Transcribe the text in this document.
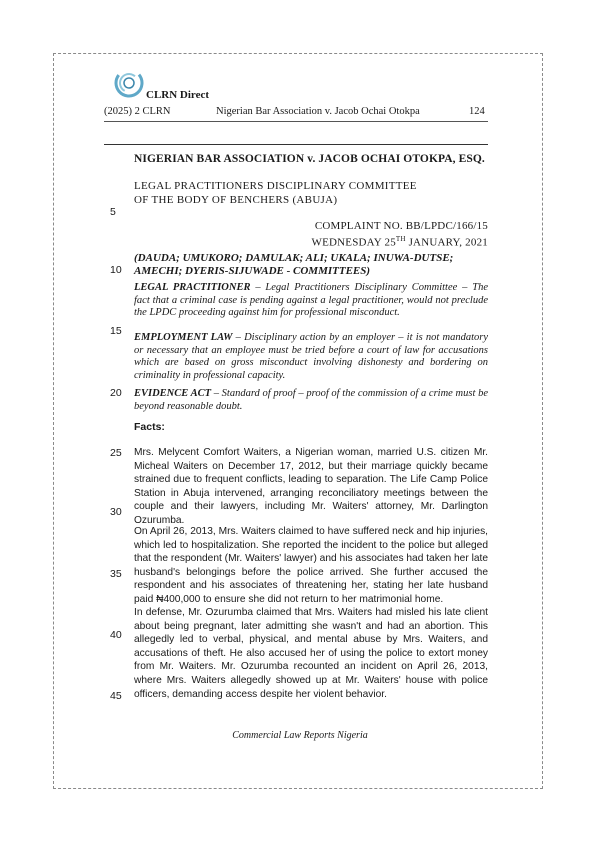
CLRN Direct
(2025) 2 CLRN	Nigerian Bar Association v. Jacob Ochai Otokpa	124
NIGERIAN BAR ASSOCIATION v. JACOB OCHAI OTOKPA, ESQ.
LEGAL PRACTITIONERS DISCIPLINARY COMMITTEE
OF THE BODY OF BENCHERS (ABUJA)
COMPLAINT NO. BB/LPDC/166/15
WEDNESDAY 25TH JANUARY, 2021
(DAUDA; UMUKORO; DAMULAK; ALI; UKALA; INUWA-DUTSE; AMECHI; DYERIS-SIJUWADE - COMMITTEES)
LEGAL PRACTITIONER – Legal Practitioners Disciplinary Committee – The fact that a criminal case is pending against a legal practitioner, would not preclude the LPDC proceeding against him for professional misconduct.
EMPLOYMENT LAW – Disciplinary action by an employer – it is not mandatory or necessary that an employee must be tried before a court of law for accusations which are based on gross misconduct involving dishonesty and bordering on criminality in professional capacity.
EVIDENCE ACT – Standard of proof – proof of the commission of a crime must be beyond reasonable doubt.
Facts:
Mrs. Melycent Comfort Waiters, a Nigerian woman, married U.S. citizen Mr. Micheal Waiters on December 17, 2012, but their marriage quickly became strained due to frequent conflicts, leading to separation. The Life Camp Police Station in Abuja intervened, arranging reconciliatory meetings between the couple and their lawyers, including Mr. Waiters' attorney, Mr. Darlington Ozurumba.
On April 26, 2013, Mrs. Waiters claimed to have suffered neck and hip injuries, which led to hospitalization. She reported the incident to the police but alleged that the respondent (Mr. Waiters' lawyer) and his associates had taken her late husband's belongings before the police arrived. She further accused the respondent and his associates of threatening her, stating her late husband paid ₦400,000 to ensure she did not return to her matrimonial home.
In defense, Mr. Ozurumba claimed that Mrs. Waiters had misled his late client about being pregnant, later admitting she wasn't and had an abortion. This allegedly led to verbal, physical, and mental abuse by Mrs. Waiters, and accusations of theft. He also accused her of using the police to extort money from Mr. Waiters. Mr. Ozurumba recounted an incident on April 26, 2013, where Mrs. Waiters allegedly showed up at Mr. Waiters' house with police officers, demanding access despite her violent behavior.
5
10
15
20
25
30
35
40
45
Commercial Law Reports Nigeria
